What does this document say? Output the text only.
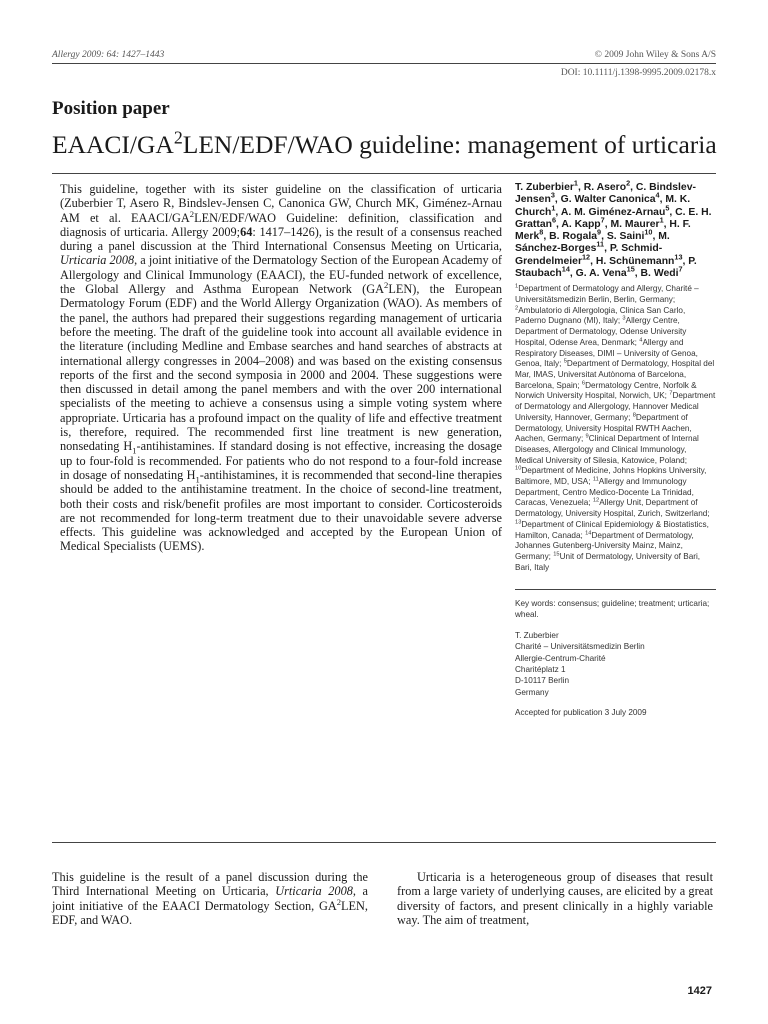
Allergy 2009: 64: 1427–1443	© 2009 John Wiley & Sons A/S
DOI: 10.1111/j.1398-9995.2009.02178.x
Position paper
EAACI/$GA^2LEN/EDF$/WAO guideline: management of urticaria

This guideline, together with its sister guideline on the classification of urticaria (Zuberbier T, Asero R, Bindslev-Jensen C, Canonica GW, Church MK, Giménez-Arnau AM et al. EAACI/$GA^2LEN/EDF$/WAO Guideline: definition, classification and diagnosis of urticaria. Allergy 2009;64: 1417–1426), is the result of a consensus reached during a panel discussion at the Third International Consensus Meeting on Urticaria, Urticaria 2008, a joint initiative of the Dermatology Section of the European Academy of Allergology and Clinical Immunology (EAACI), the EU-funded network of excellence, the Global Allergy and Asthma European Network $(GA^2LEN)$, the European Dermatology Forum (EDF) and the World Allergy Organization (WAO). As members of the panel, the authors had prepared their suggestions regarding management of urticaria before the meeting. The draft of the guideline took into account all available evidence in the literature (including Medline and Embase searches and hand searches of abstracts at international allergy congresses in 2004–2008) and was based on the existing consensus reports of the first and the second symposia in 2000 and 2004. These suggestions were then discussed in detail among the panel members and with the over 200 international specialists of the meeting to achieve a consensus using a simple voting system where appropriate. Urticaria has a profound impact on the quality of life and effective treatment is, therefore, required. The recommended first line treatment is new generation, nonsedating $H_1$-antihistamines. If standard dosing is not effective, increasing the dosage up to four-fold is recommended. For patients who do not respond to a four-fold increase in dosage of nonsedating $H_1$-antihistamines, it is recommended that second-line therapies should be added to the antihistamine treatment. In the choice of second-line treatment, both their costs and risk/benefit profiles are most important to consider. Corticosteroids are not recommended for long-term treatment due to their unavoidable severe adverse effects. This guideline was acknowledged and accepted by the European Union of Medical Specialists (UEMS).

T. Zuberbier$^1$, R. Asero$^2$, C. Bindslev-Jensen$^3$, G. Walter Canonica$^4$, M. K. Church$^1$, A. M. Giménez-Arnau$^5$, C. E. H. Grattan$^6$, A. Kapp$^7$, M. Maurer$^1$, H. F. Merk$^8$, B. Rogala$^9$, S. Saini$^{10}$, M. Sánchez-Borges$^{11}$, P. Schmid-Grendelmeier$^{12}$, H. Schünemann$^{13}$, P. Staubach$^{14}$, G. A. Vena$^{15}$, B. Wedi$^7$

$^1$Department of Dermatology and Allergy, Charité – Universitätsmedizin Berlin, Berlin, Germany; $^2$Ambulatorio di Allergologia, Clinica San Carlo, Paderno Dugnano (MI), Italy; $^3$Allergy Centre, Department of Dermatology, Odense University Hospital, Odense Area, Denmark; $^4$Allergy and Respiratory Diseases, DIMI – University of Genoa, Genoa, Italy; $^5$Department of Dermatology, Hospital del Mar, IMAS, Universitat Autònoma of Barcelona, Barcelona, Spain; $^6$Dermatology Centre, Norfolk & Norwich University Hospital, Norwich, UK; $^7$Department of Dermatology and Allergology, Hannover Medical University, Hannover, Germany; $^8$Department of Dermatology, University Hospital RWTH Aachen, Aachen, Germany; $^9$Clinical Department of Internal Diseases, Allergology and Clinical Immunology, Medical University of Silesia, Katowice, Poland; $^{10}$Department of Medicine, Johns Hopkins University, Baltimore, MD, USA; $^{11}$Allergy and Immunology Department, Centro Medico-Docente La Trinidad, Caracas, Venezuela; $^{12}$Allergy Unit, Department of Dermatology, University Hospital, Zurich, Switzerland; $^{13}$Department of Clinical Epidemiology & Biostatistics, Hamilton, Canada; $^{14}$Department of Dermatology, Johannes Gutenberg-University Mainz, Mainz, Germany; $^{15}$Unit of Dermatology, University of Bari, Bari, Italy

Key words: consensus; guideline; treatment; urticaria; wheal.

T. Zuberbier
Charité – Universitätsmedizin Berlin
Allergie-Centrum-Charité
Charitéplatz 1
D-10117 Berlin
Germany

Accepted for publication 3 July 2009

This guideline is the result of a panel discussion during the Third International Meeting on Urticaria, Urticaria 2008, a joint initiative of the EAACI Dermatology Section, $GA^2LEN$, EDF, and WAO.

Urticaria is a heterogeneous group of diseases that result from a large variety of underlying causes, are elicited by a great diversity of factors, and present clinically in a highly variable way. The aim of treatment,

1427
